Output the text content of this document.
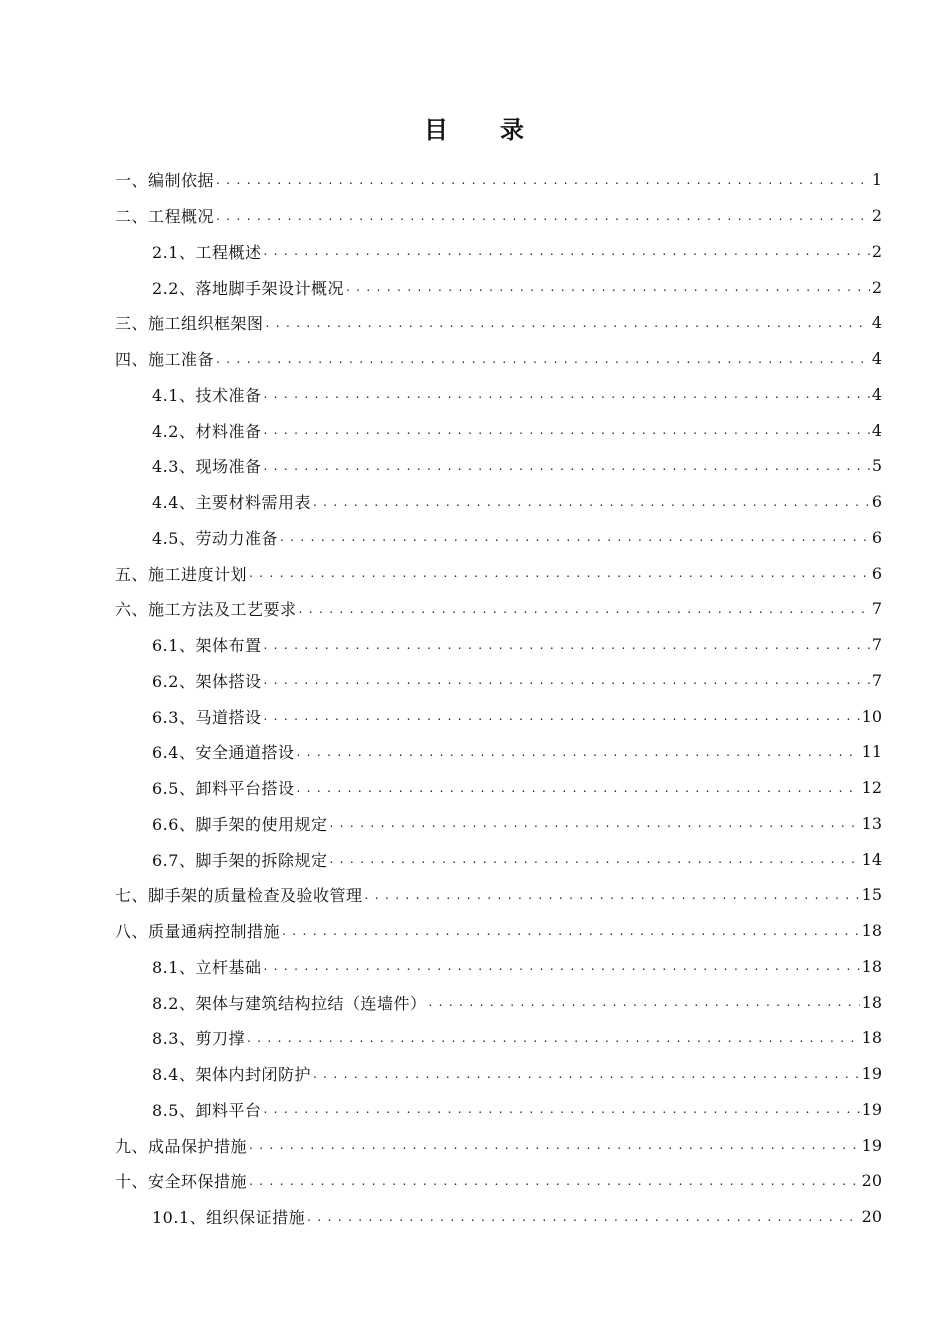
目 录
一、编制依据 . . .	1
二、工程概况 . . .	2
2.1、工程概述 . . .	2
2.2、落地脚手架设计概况 . . .	2
三、施工组织框架图 . . .	4
四、施工准备 . . .	4
4.1、技术准备 . . .	4
4.2、材料准备 . . .	4
4.3、现场准备 . . .	5
4.4、主要材料需用表 . . .	6
4.5、劳动力准备 . . .	6
五、施工进度计划 . . .	6
六、施工方法及工艺要求 . . .	7
6.1、架体布置 . . .	7
6.2、架体搭设 . . .	7
6.3、马道搭设 . . .	10
6.4、安全通道搭设 . . .	11
6.5、卸料平台搭设 . . .	12
6.6、脚手架的使用规定 . . .	13
6.7、脚手架的拆除规定 . . .	14
七、脚手架的质量检查及验收管理 . . .	15
八、质量通病控制措施 . . .	18
8.1、立杆基础 . . .	18
8.2、架体与建筑结构拉结（连墙件） . . .	18
8.3、剪刀撑 . . .	18
8.4、架体内封闭防护 . . .	19
8.5、卸料平台 . . .	19
九、成品保护措施 . . .	19
十、安全环保措施 . . .	20
10.1、组织保证措施 . . .	20
